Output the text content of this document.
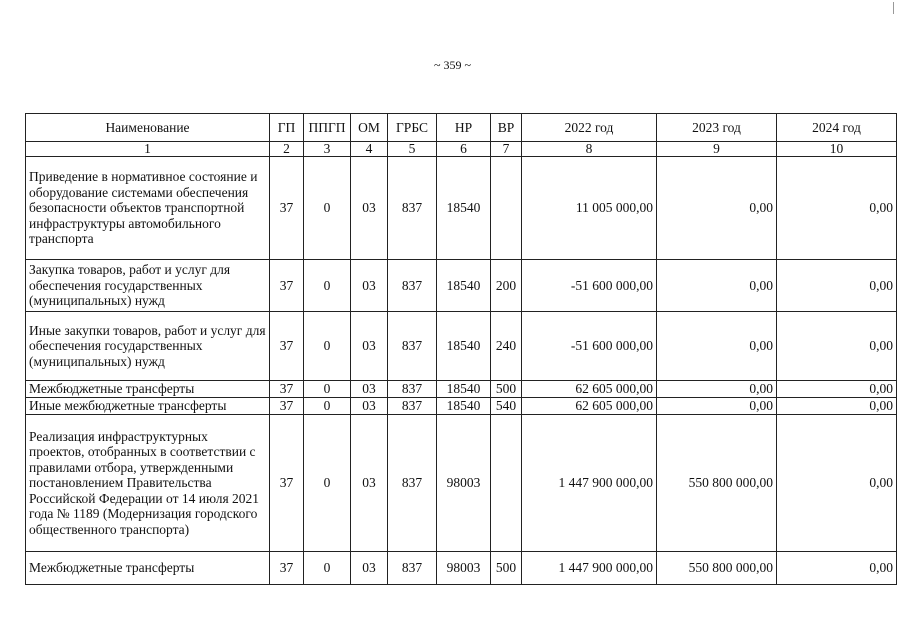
~ 359 ~
Наименование	ГП	ППГП	ОМ	ГРБС	НР	ВР	2022 год	2023 год	2024 год
1	2	3	4	5	6	7	8	9	10
Приведение в нормативное состояние и оборудование системами обеспечения безопасности объектов транспортной инфраструктуры автомобильного транспорта	37	0	03	837	18540		11 005 000,00	0,00	0,00
Закупка товаров, работ и услуг для обеспечения государственных (муниципальных) нужд	37	0	03	837	18540	200	-51 600 000,00	0,00	0,00
Иные закупки товаров, работ и услуг для обеспечения государственных (муниципальных) нужд	37	0	03	837	18540	240	-51 600 000,00	0,00	0,00
Межбюджетные трансферты	37	0	03	837	18540	500	62 605 000,00	0,00	0,00
Иные межбюджетные трансферты	37	0	03	837	18540	540	62 605 000,00	0,00	0,00
Реализация инфраструктурных проектов, отобранных в соответствии с правилами отбора, утвержденными постановлением Правительства Российской Федерации от 14 июля 2021 года № 1189 (Модернизация городского общественного транспорта)	37	0	03	837	98003		1 447 900 000,00	550 800 000,00	0,00
Межбюджетные трансферты	37	0	03	837	98003	500	1 447 900 000,00	550 800 000,00	0,00
